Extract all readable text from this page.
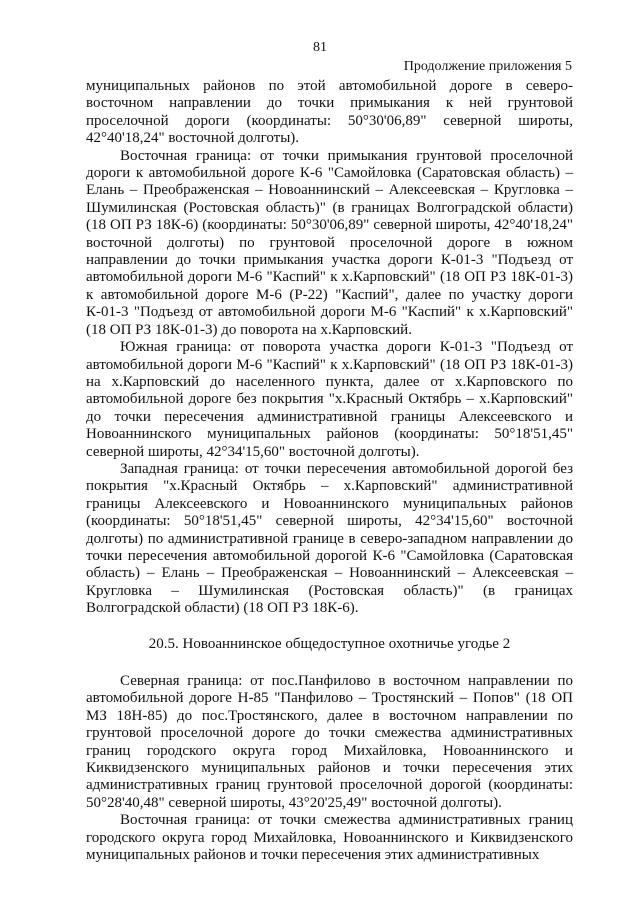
81
Продолжение приложения 5

муниципальных районов по этой автомобильной дороге в северо-восточном направлении до точки примыкания к ней грунтовой проселочной дороги (координаты: 50°30'06,89" северной широты, 42°40'18,24" восточной долготы).

Восточная граница: от точки примыкания грунтовой проселочной дороги к автомобильной дороге К-6 "Самойловка (Саратовская область) – Елань – Преображенская – Новоаннинский – Алексеевская – Кругловка – Шумилинская (Ростовская область)" (в границах Волгоградской области) (18 ОП РЗ 18К-6) (координаты: 50°30'06,89" северной широты, 42°40'18,24" восточной долготы) по грунтовой проселочной дороге в южном направлении до точки примыкания участка дороги К-01-3 "Подъезд от автомобильной дороги М-6 "Каспий" к х.Карповский" (18 ОП РЗ 18К-01-3) к автомобильной дороге М-6 (Р-22) "Каспий", далее по участку дороги К-01-3 "Подъезд от автомобильной дороги М-6 "Каспий" к х.Карповский" (18 ОП РЗ 18К-01-3) до поворота на х.Карповский.

Южная граница: от поворота участка дороги К-01-3 "Подъезд от автомобильной дороги М-6 "Каспий" к х.Карповский" (18 ОП РЗ 18К-01-3) на х.Карповский до населенного пункта, далее от х.Карповского по автомобильной дороге без покрытия "х.Красный Октябрь – х.Карповский" до точки пересечения административной границы Алексеевского и Новоаннинского муниципальных районов (координаты: 50°18'51,45" северной широты, 42°34'15,60" восточной долготы).

Западная граница: от точки пересечения автомобильной дорогой без покрытия "х.Красный Октябрь – х.Карповский" административной границы Алексеевского и Новоаннинского муниципальных районов (координаты: 50°18'51,45" северной широты, 42°34'15,60" восточной долготы) по административной границе в северо-западном направлении до точки пересечения автомобильной дорогой К-6 "Самойловка (Саратовская область) – Елань – Преображенская – Новоаннинский – Алексеевская – Кругловка – Шумилинская (Ростовская область)" (в границах Волгоградской области) (18 ОП РЗ 18К-6).

20.5. Новоаннинское общедоступное охотничье угодье 2

Северная граница: от пос.Панфилово в восточном направлении по автомобильной дороге Н-85 "Панфилово – Тростянский – Попов" (18 ОП МЗ 18Н-85) до пос.Тростянского, далее в восточном направлении по грунтовой проселочной дороге до точки смежества административных границ городского округа город Михайловка, Новоаннинского и Киквидзенского муниципальных районов и точки пересечения этих административных границ грунтовой проселочной дорогой (координаты: 50°28'40,48" северной широты, 43°20'25,49" восточной долготы).

Восточная граница: от точки смежества административных границ городского округа город Михайловка, Новоаннинского и Киквидзенского муниципальных районов и точки пересечения этих административных
